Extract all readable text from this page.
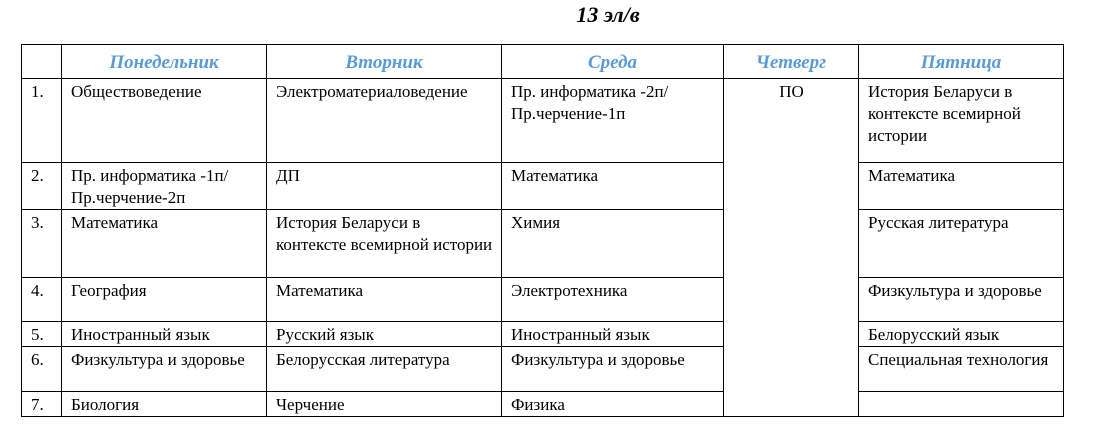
13 эл/в
	Понедельник	Вторник	Среда	Четверг	Пятница
1.	Обществоведение	Электроматериаловедение	Пр. информатика -2п/ Пр.черчение-1п	ПО	История Беларуси в контексте всемирной истории
2.	Пр. информатика -1п/ Пр.черчение-2п	ДП	Математика		Математика
3.	Математика	История Беларуси в контексте всемирной истории	Химия		Русская литература
4.	География	Математика	Электротехника		Физкультура и здоровье
5.	Иностранный язык	Русский язык	Иностранный язык		Белорусский язык
6.	Физкультура и здоровье	Белорусская литература	Физкультура и здоровье		Специальная технология
7.	Биология	Черчение	Физика		
